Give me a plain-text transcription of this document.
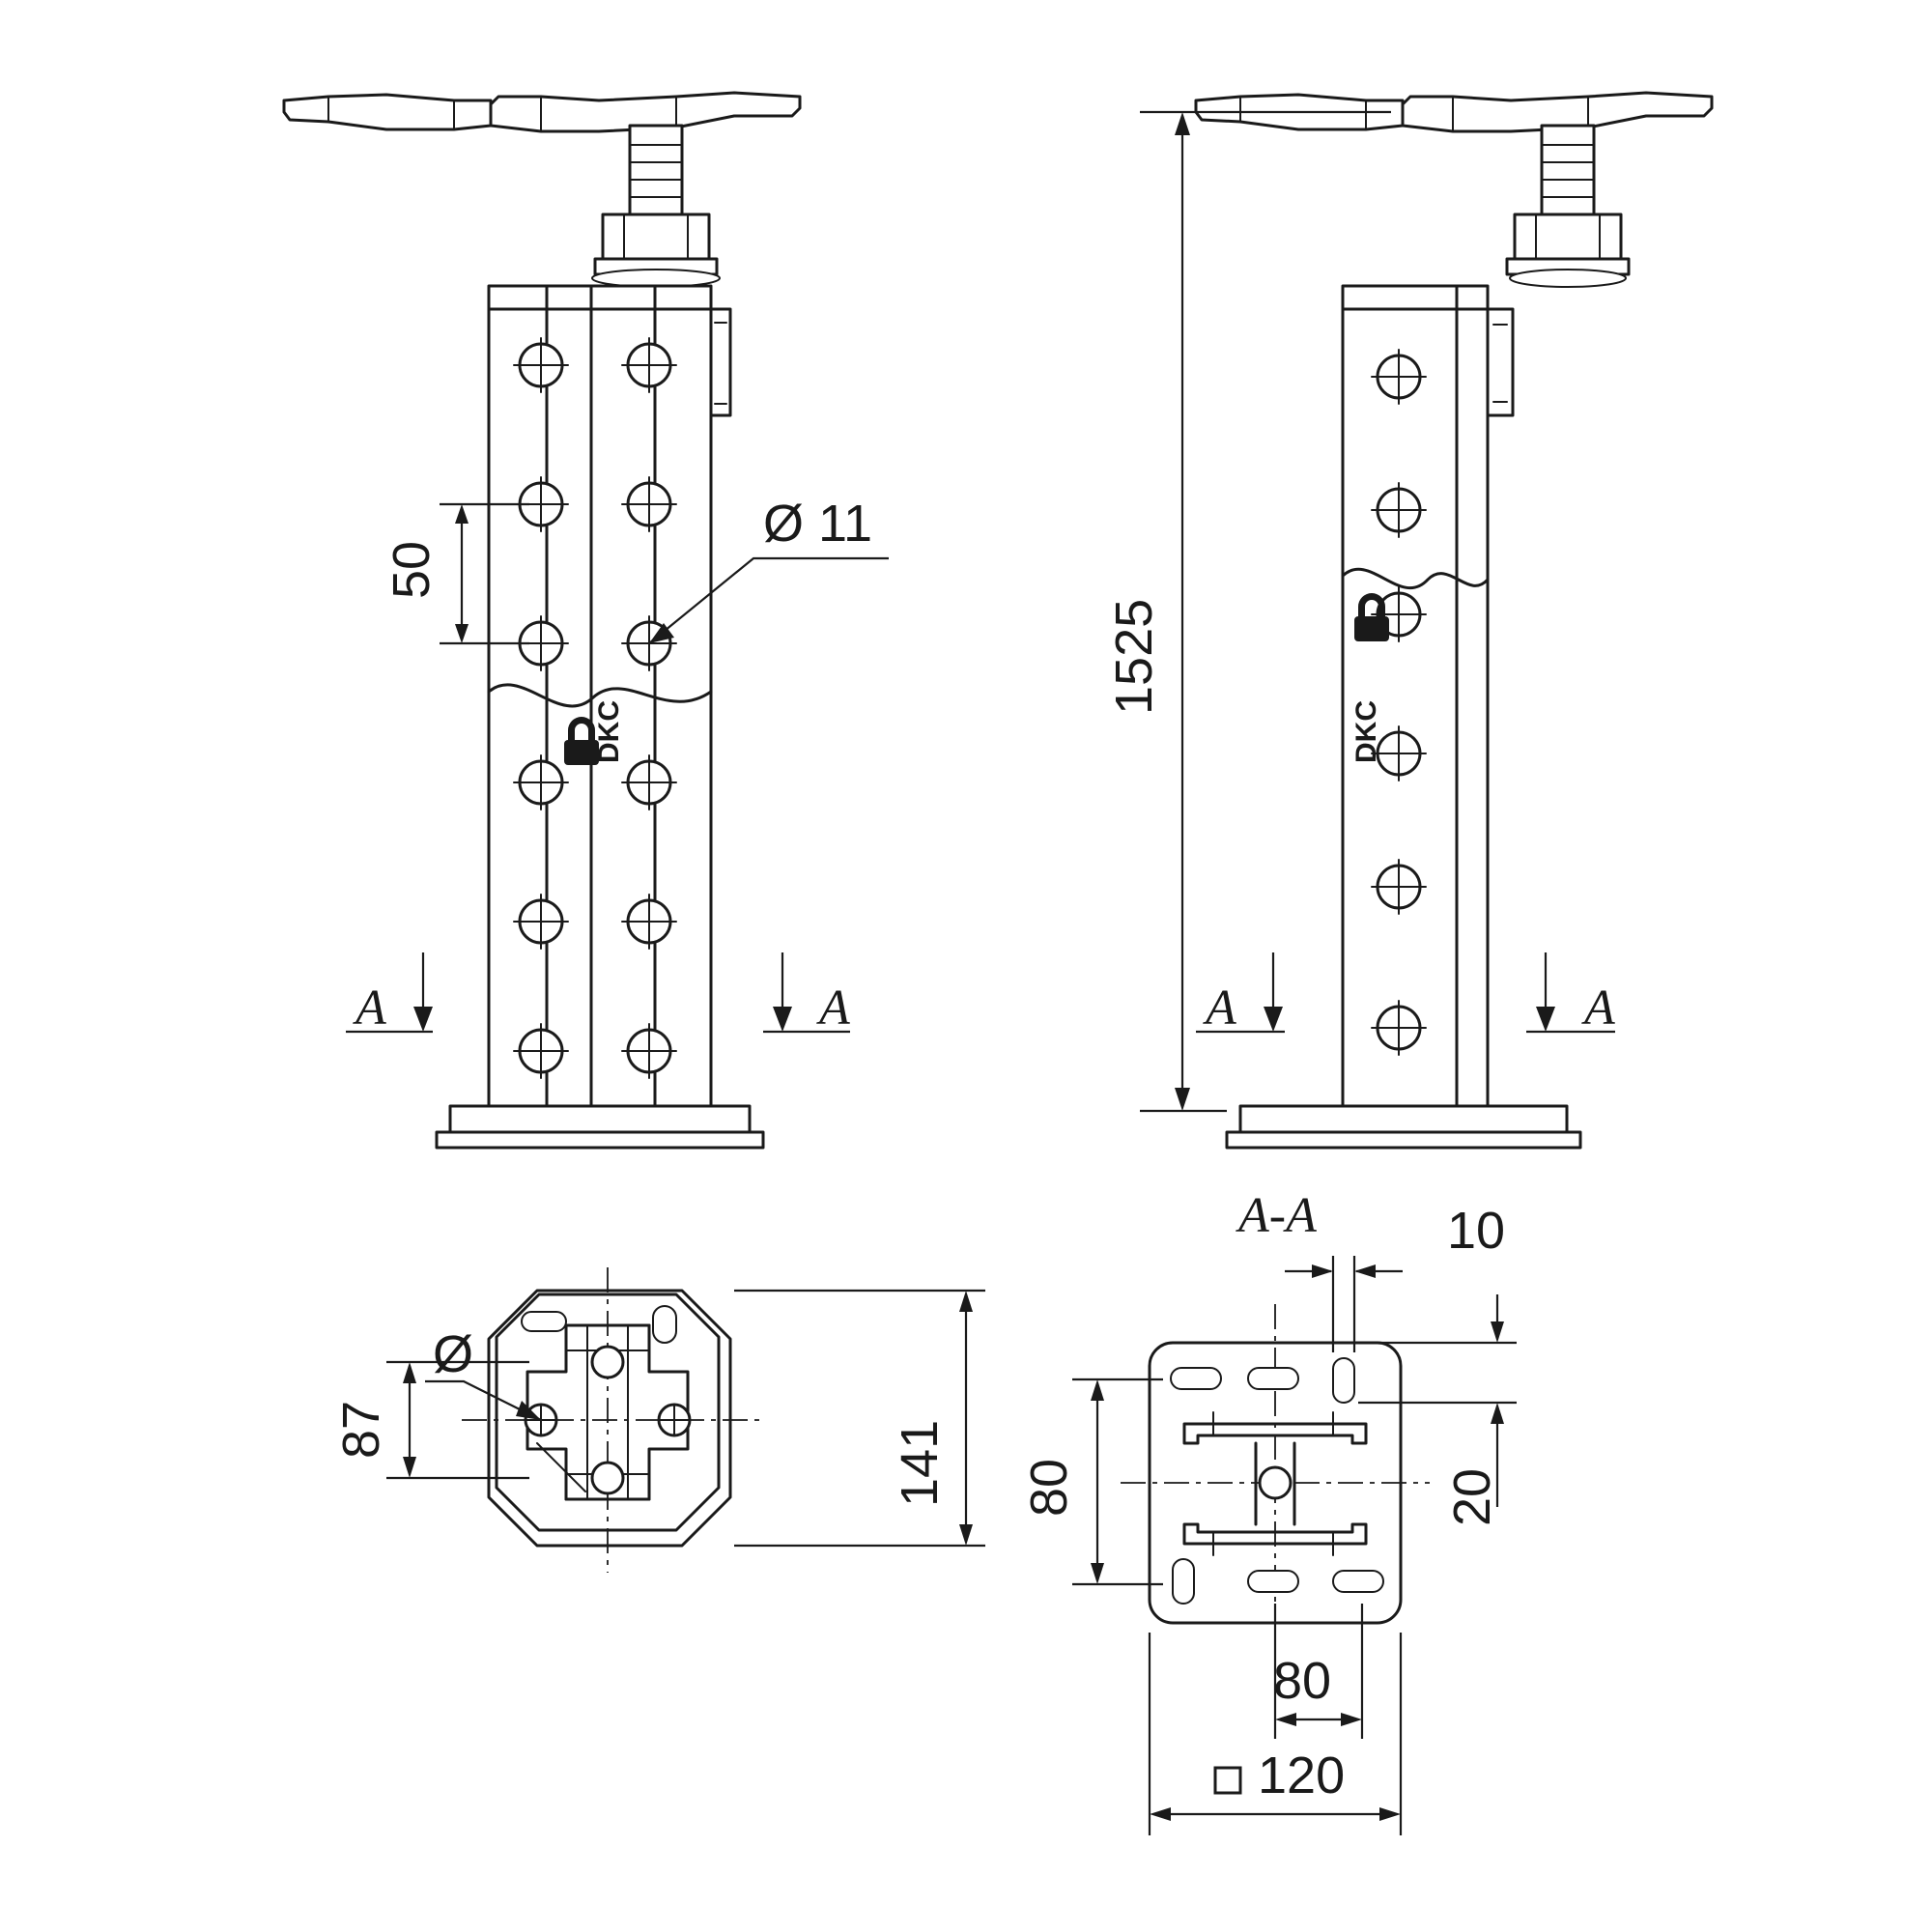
DKC
50
Ø 11
A	A
DKC
1525
A	A
Ø
87	141
A-A	10
20
80
80
120
